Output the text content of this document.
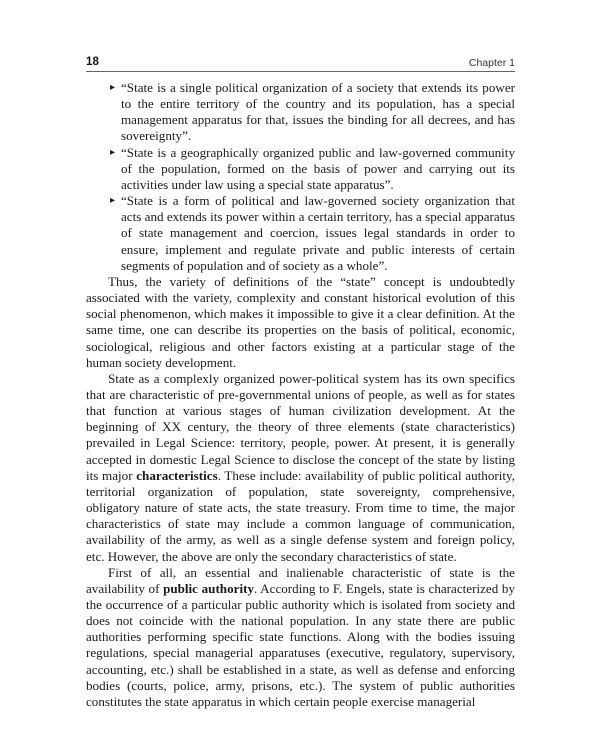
18	Chapter 1
▸ “State is a single political organization of a society that extends its power to the entire territory of the country and its population, has a special management apparatus for that, issues the binding for all decrees, and has sovereignty”.
▸ “State is a geographically organized public and law-governed community of the population, formed on the basis of power and carrying out its activities under law using a special state apparatus”.
▸ “State is a form of political and law-governed society organization that acts and extends its power within a certain territory, has a special apparatus of state management and coercion, issues legal standards in order to ensure, implement and regulate private and public interests of certain segments of population and of society as a whole”.

Thus, the variety of definitions of the “state” concept is undoubtedly associated with the variety, complexity and constant historical evolution of this social phenomenon, which makes it impossible to give it a clear definition. At the same time, one can describe its properties on the basis of political, economic, sociological, religious and other factors existing at a particular stage of the human society development.

State as a complexly organized power-political system has its own specifics that are characteristic of pre-governmental unions of people, as well as for states that function at various stages of human civilization development. At the beginning of XX century, the theory of three elements (state characteristics) prevailed in Legal Science: territory, people, power. At present, it is generally accepted in domestic Legal Science to disclose the concept of the state by listing its major characteristics. These include: availability of public political authority, territorial organization of population, state sovereignty, comprehensive, obligatory nature of state acts, the state treasury. From time to time, the major characteristics of state may include a common language of communication, availability of the army, as well as a single defense system and foreign policy, etc. However, the above are only the secondary characteristics of state.

First of all, an essential and inalienable characteristic of state is the availability of public authority. According to F. Engels, state is characterized by the occurrence of a particular public authority which is isolated from society and does not coincide with the national population. In any state there are public authorities performing specific state functions. Along with the bodies issuing regulations, special managerial apparatuses (executive, regulatory, supervisory, accounting, etc.) shall be established in a state, as well as defense and enforcing bodies (courts, police, army, prisons, etc.). The system of public authorities constitutes the state apparatus in which certain people exercise managerial
